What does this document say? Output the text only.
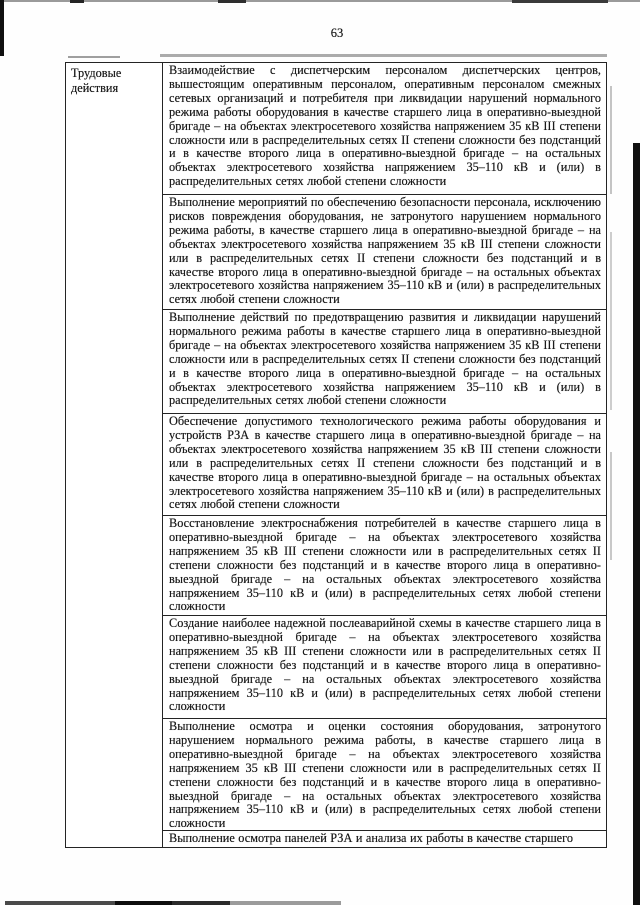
63
Трудовые действия
Взаимодействие с диспетчерским персоналом диспетчерских центров, вышестоящим оперативным персоналом, оперативным персоналом смежных сетевых организаций и потребителя при ликвидации нарушений нормального режима работы оборудования в качестве старшего лица в оперативно-выездной бригаде – на объектах электросетевого хозяйства напряжением 35 кВ III степени сложности или в распределительных сетях II степени сложности без подстанций и в качестве второго лица в оперативно-выездной бригаде – на остальных объектах электросетевого хозяйства напряжением 35–110 кВ и (или) в распределительных сетях любой степени сложности
Выполнение мероприятий по обеспечению безопасности персонала, исключению рисков повреждения оборудования, не затронутого нарушением нормального режима работы, в качестве старшего лица в оперативно-выездной бригаде – на объектах электросетевого хозяйства напряжением 35 кВ III степени сложности или в распределительных сетях II степени сложности без подстанций и в качестве второго лица в оперативно-выездной бригаде – на остальных объектах электросетевого хозяйства напряжением 35–110 кВ и (или) в распределительных сетях любой степени сложности
Выполнение действий по предотвращению развития и ликвидации нарушений нормального режима работы в качестве старшего лица в оперативно-выездной бригаде – на объектах электросетевого хозяйства напряжением 35 кВ III степени сложности или в распределительных сетях II степени сложности без подстанций и в качестве второго лица в оперативно-выездной бригаде – на остальных объектах электросетевого хозяйства напряжением 35–110 кВ и (или) в распределительных сетях любой степени сложности
Обеспечение допустимого технологического режима работы оборудования и устройств РЗА в качестве старшего лица в оперативно-выездной бригаде – на объектах электросетевого хозяйства напряжением 35 кВ III степени сложности или в распределительных сетях II степени сложности без подстанций и в качестве второго лица в оперативно-выездной бригаде – на остальных объектах электросетевого хозяйства напряжением 35–110 кВ и (или) в распределительных сетях любой степени сложности
Восстановление электроснабжения потребителей в качестве старшего лица в оперативно-выездной бригаде – на объектах электросетевого хозяйства напряжением 35 кВ III степени сложности или в распределительных сетях II степени сложности без подстанций и в качестве второго лица в оперативно-выездной бригаде – на остальных объектах электросетевого хозяйства напряжением 35–110 кВ и (или) в распределительных сетях любой степени сложности
Создание наиболее надежной послеаварийной схемы в качестве старшего лица в оперативно-выездной бригаде – на объектах электросетевого хозяйства напряжением 35 кВ III степени сложности или в распределительных сетях II степени сложности без подстанций и в качестве второго лица в оперативно-выездной бригаде – на остальных объектах электросетевого хозяйства напряжением 35–110 кВ и (или) в распределительных сетях любой степени сложности
Выполнение осмотра и оценки состояния оборудования, затронутого нарушением нормального режима работы, в качестве старшего лица в оперативно-выездной бригаде – на объектах электросетевого хозяйства напряжением 35 кВ III степени сложности или в распределительных сетях II степени сложности без подстанций и в качестве второго лица в оперативно-выездной бригаде – на остальных объектах электросетевого хозяйства напряжением 35–110 кВ и (или) в распределительных сетях любой степени сложности
Выполнение осмотра панелей РЗА и анализа их работы в качестве старшего
